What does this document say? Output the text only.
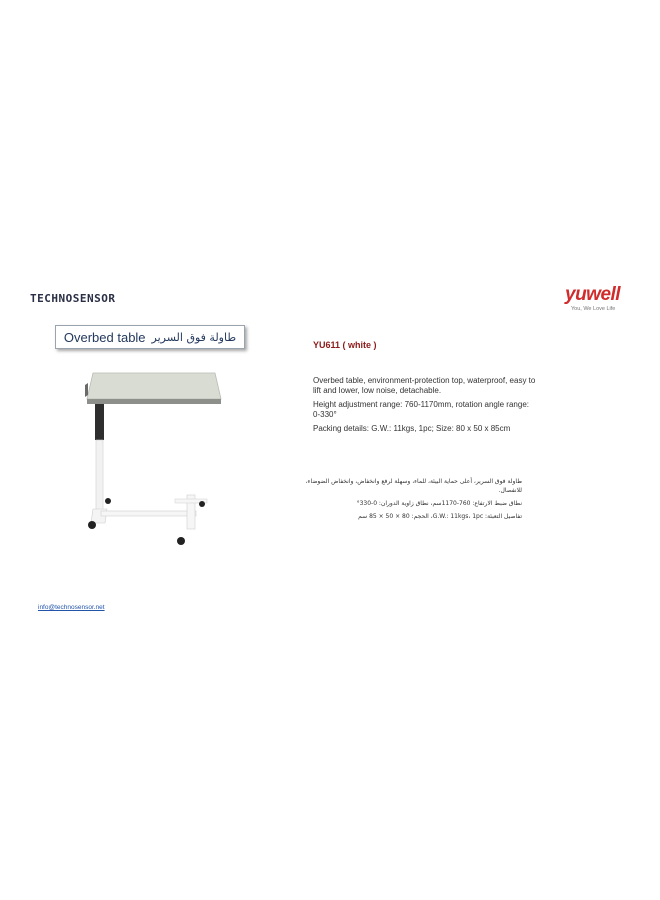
TECHNOSENSOR	yuwell
You, We Love Life
Overbed table طاولة فوق السرير
YU611 ( white )

Overbed table, environment-protection top, waterproof, easy to lift and lower, low noise, detachable.

Height adjustment range: 760-1170mm, rotation angle range: 0-330°

Packing details: G.W.: 11kgs, 1pc; Size: 80 x 50 x 85cm

طاولة فوق السرير، أعلى حماية البيئة، للماء، وسهلة لرفع وانخفاض، وانخفاض الضوضاء، للانفصال.

نطاق ضبط الارتفاع: 760-1170سم، نطاق زاوية الدوران: 0-330°

تفاصيل التعبئة: G.W.: 11kgs، 1pc، الحجم: 80 × 50 × 85 سم

info@technosensor.net
